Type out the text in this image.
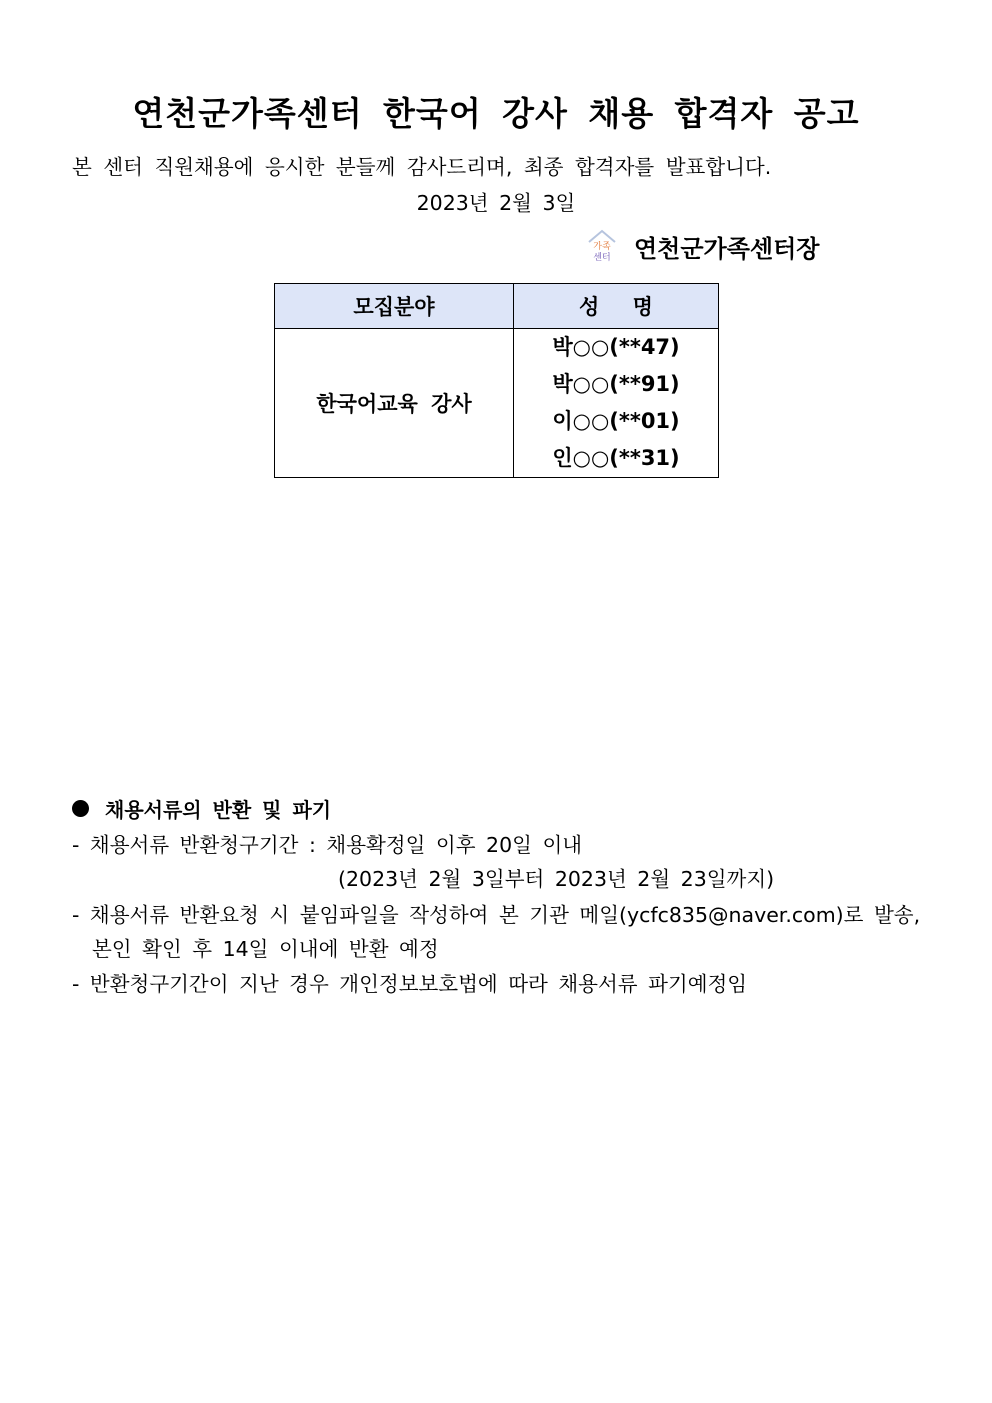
연천군가족센터 한국어 강사 채용 합격자 공고
본 센터 직원채용에 응시한 분들께 감사드리며, 최종 합격자를 발표합니다.
2023년 2월 3일
가족
센터 연천군가족센터장
모집분야	성 명
한국어교육 강사	박○○(**47)
박○○(**91)
이○○(**01)
인○○(**31)
채용서류의 반환 및 파기
- 채용서류 반환청구기간 : 채용확정일 이후 20일 이내
(2023년 2월 3일부터 2023년 2월 23일까지)
- 채용서류 반환요청 시 붙임파일을 작성하여 본 기관 메일(ycfc835@naver.com)로 발송,
본인 확인 후 14일 이내에 반환 예정
- 반환청구기간이 지난 경우 개인정보보호법에 따라 채용서류 파기예정임
